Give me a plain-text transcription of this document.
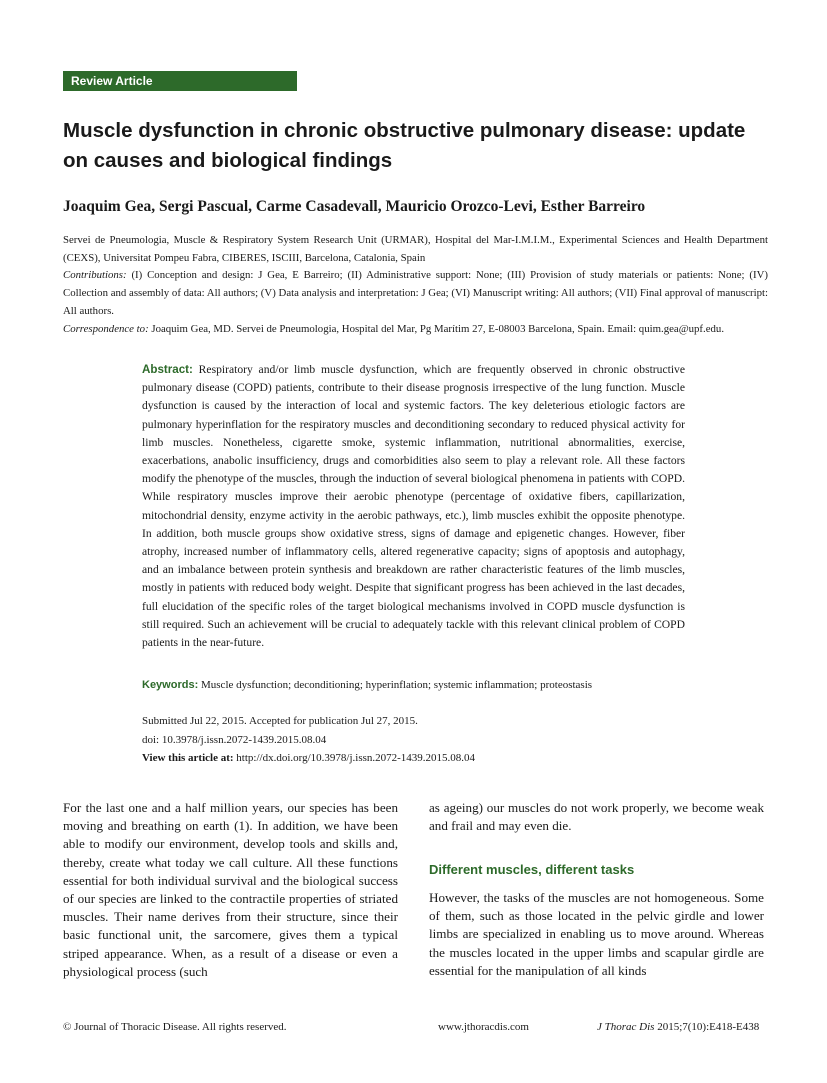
Review Article
Muscle dysfunction in chronic obstructive pulmonary disease: update on causes and biological findings

Joaquim Gea, Sergi Pascual, Carme Casadevall, Mauricio Orozco-Levi, Esther Barreiro

Servei de Pneumologia, Muscle & Respiratory System Research Unit (URMAR), Hospital del Mar-I.M.I.M., Experimental Sciences and Health Department (CEXS), Universitat Pompeu Fabra, CIBERES, ISCIII, Barcelona, Catalonia, Spain
Contributions: (I) Conception and design: J Gea, E Barreiro; (II) Administrative support: None; (III) Provision of study materials or patients: None; (IV) Collection and assembly of data: All authors; (V) Data analysis and interpretation: J Gea; (VI) Manuscript writing: All authors; (VII) Final approval of manuscript: All authors.
Correspondence to: Joaquim Gea, MD. Servei de Pneumologia, Hospital del Mar, Pg Marítim 27, E-08003 Barcelona, Spain. Email: quim.gea@upf.edu.

Abstract: Respiratory and/or limb muscle dysfunction, which are frequently observed in chronic obstructive pulmonary disease (COPD) patients, contribute to their disease prognosis irrespective of the lung function. Muscle dysfunction is caused by the interaction of local and systemic factors. The key deleterious etiologic factors are pulmonary hyperinflation for the respiratory muscles and deconditioning secondary to reduced physical activity for limb muscles. Nonetheless, cigarette smoke, systemic inflammation, nutritional abnormalities, exercise, exacerbations, anabolic insufficiency, drugs and comorbidities also seem to play a relevant role. All these factors modify the phenotype of the muscles, through the induction of several biological phenomena in patients with COPD. While respiratory muscles improve their aerobic phenotype (percentage of oxidative fibers, capillarization, mitochondrial density, enzyme activity in the aerobic pathways, etc.), limb muscles exhibit the opposite phenotype. In addition, both muscle groups show oxidative stress, signs of damage and epigenetic changes. However, fiber atrophy, increased number of inflammatory cells, altered regenerative capacity; signs of apoptosis and autophagy, and an imbalance between protein synthesis and breakdown are rather characteristic features of the limb muscles, mostly in patients with reduced body weight. Despite that significant progress has been achieved in the last decades, full elucidation of the specific roles of the target biological mechanisms involved in COPD muscle dysfunction is still required. Such an achievement will be crucial to adequately tackle with this relevant clinical problem of COPD patients in the near-future.

Keywords: Muscle dysfunction; deconditioning; hyperinflation; systemic inflammation; proteostasis

Submitted Jul 22, 2015. Accepted for publication Jul 27, 2015.
doi: 10.3978/j.issn.2072-1439.2015.08.04
View this article at: http://dx.doi.org/10.3978/j.issn.2072-1439.2015.08.04

For the last one and a half million years, our species has been moving and breathing on earth (1). In addition, we have been able to modify our environment, develop tools and skills and, thereby, create what today we call culture. All these functions essential for both individual survival and the biological success of our species are linked to the contractile properties of striated muscles. Their name derives from their structure, since their basic functional unit, the sarcomere, gives them a typical striped appearance. When, as a result of a disease or even a physiological process (such

as ageing) our muscles do not work properly, we become weak and frail and may even die.

Different muscles, different tasks

However, the tasks of the muscles are not homogeneous. Some of them, such as those located in the pelvic girdle and lower limbs are specialized in enabling us to move around. Whereas the muscles located in the upper limbs and scapular girdle are essential for the manipulation of all kinds

© Journal of Thoracic Disease. All rights reserved.	www.jthoracdis.com	J Thorac Dis 2015;7(10):E418-E438
